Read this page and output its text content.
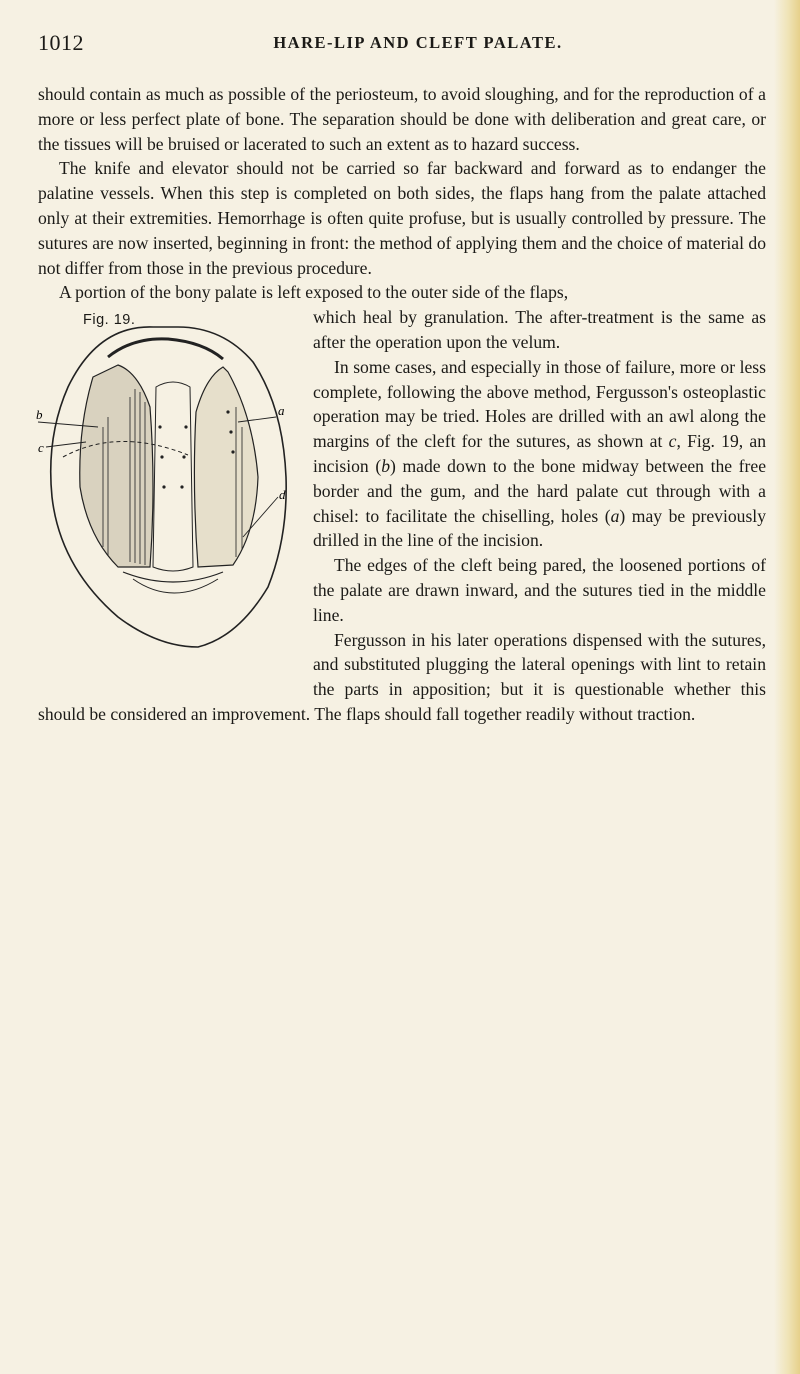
1012	HARE-LIP AND CLEFT PALATE.

should contain as much as possible of the periosteum, to avoid sloughing, and for the reproduction of a more or less perfect plate of bone. The separation should be done with deliberation and great care, or the tissues will be bruised or lacerated to such an extent as to hazard success.

The knife and elevator should not be carried so far backward and forward as to endanger the palatine vessels. When this step is completed on both sides, the flaps hang from the palate attached only at their extremities. Hemorrhage is often quite profuse, but is usually controlled by pressure. The sutures are now inserted, beginning in front: the method of applying them and the choice of material do not differ from those in the previous procedure.

A portion of the bony palate is left exposed to the outer side of the flaps,

Fig. 19.
b
c
a
d

which heal by granulation. The after-treatment is the same as after the operation upon the velum.

In some cases, and especially in those of failure, more or less complete, following the above method, Fergusson's osteoplastic operation may be tried. Holes are drilled with an awl along the margins of the cleft for the sutures, as shown at c, Fig. 19, an incision (b) made down to the bone midway between the free border and the gum, and the hard palate cut through with a chisel: to facilitate the chiselling, holes (a) may be previously drilled in the line of the incision.

The edges of the cleft being pared, the loosened portions of the palate are drawn inward, and the sutures tied in the middle line.

Fergusson in his later operations dispensed with the sutures, and substituted plugging the lateral openings with lint to retain the parts in apposition; but it is questionable whether this should be considered an improvement. The flaps should fall together readily without traction.
